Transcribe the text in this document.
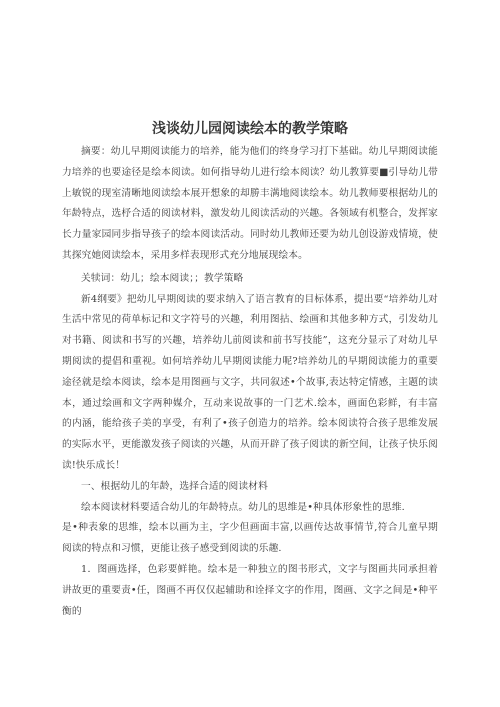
浅谈幼儿园阅读绘本的教学策略

摘要：幼儿早期阅读能力的培养，能为他们的终身学习打下基础。幼儿早期阅读能力培养的也要途径是绘本阅读。如何指导幼儿进行绘本阅读？幼儿教算要■引导幼儿带上敏锐的现室清晰地阅读绘本展开想象的却勝丰满地阅读绘本。幼儿教师要根据幼儿的年龄特点，选杼合适的阅读材料，激发幼儿阅读活动的兴趣。各领域有机整合，发挥家长力量家园同步指导孩子的绘本阅读活动。同时幼儿教师还要为幼儿创设游戏情境，使其探究她阅读绘本，采用多样表现形式充分地展现绘本。

关犊词：幼儿；绘本阅读；；教学策略

新4纲要》把幼儿早期阅读的要求纳入了语言教育的目标体系，提出要“培养幼儿对生活中常见的荷单标记和文字符号的兴趣，利用图拈、绘画和其他多种方式，引发幼儿对书籍、阅读和书写的兴趣，培养幼儿前阅读和前书写技能”，这充分显示了对幼儿早期阅读的提倡和重视。如何培养幼儿早期阅读能力呢?培养幼儿的早期阅读能力的重要途径就是绘本阅读，绘本是用图画与文字，共同叙述•个故事,表达特定情感，主题的读本，通过绘画和文字两种媒介，互动来说故事的一门艺术.绘本，画面色彩鲜，有丰富的内涵，能给孩子美的享受，有利了•孩子创造力的培养。绘本阅读符合孩子思维发展的实际水平，更能激发孩子阅读的兴趣，从而开辟了孩子阅读的新空间，让孩子快乐阅读!快乐成长！

一、根据幼儿的年龄，选择合适的阅读材料

绘本阅读材料要适合幼儿的年龄特点。幼儿的思维是•种具体形象性的思维.

是•种表象的思维，绘本以画为主，字少但画面丰富,以画传达故事情节,符合儿童早期阅读的特点和习惯，更能让孩子感受到阅读的乐趣.

1．图画选择，色彩要鲜艳。绘本是一种独立的图书形式，文字与图画共同承担着讲故更的重要责•任，图画不再仅仅起辅助和诠择文字的作用，图画、文字之间是•种平衡的
